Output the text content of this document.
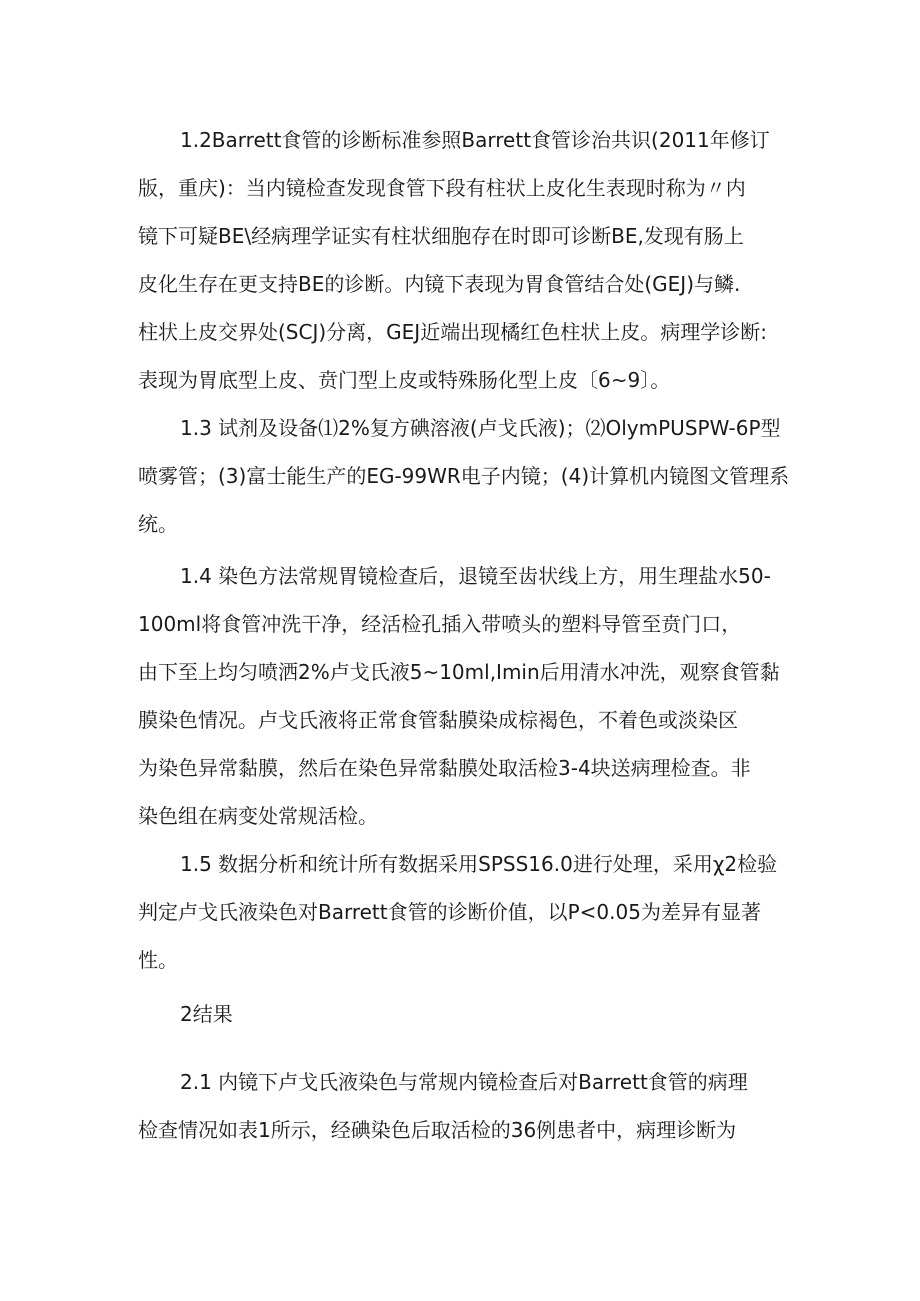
1.2Barrett食管的诊断标准参照Barrett食管诊治共识(2011年修订
版，重庆)：当内镜检查发现食管下段有柱状上皮化生表现时称为〃内
镜下可疑BE\经病理学证实有柱状细胞存在时即可诊断BE,发现有肠上
皮化生存在更支持BE的诊断。内镜下表现为胃食管结合处(GEJ)与鳞.
柱状上皮交界处(SCJ)分离，GEJ近端出现橘红色柱状上皮。病理学诊断:
表现为胃底型上皮、贲门型上皮或特殊肠化型上皮〔6~9〕。
1.3 试剂及设备⑴2%复方碘溶液(卢戈氏液)；⑵OlymPUSPW-6P型
喷雾管；(3)富士能生产的EG-99WR电子内镜；(4)计算机内镜图文管理系
统。
1.4 染色方法常规胃镜检查后，退镜至齿状线上方，用生理盐水50-
100ml将食管冲洗干净，经活检孔插入带喷头的塑料导管至贲门口，
由下至上均匀喷洒2%卢戈氏液5~10ml,Imin后用清水冲洗，观察食管黏
膜染色情况。卢戈氏液将正常食管黏膜染成棕褐色，不着色或淡染区
为染色异常黏膜，然后在染色异常黏膜处取活检3-4块送病理检查。非
染色组在病变处常规活检。
1.5 数据分析和统计所有数据采用SPSS16.0进行处理，采用χ2检验
判定卢戈氏液染色对Barrett食管的诊断价值，以P<0.05为差异有显著
性。
2结果
2.1 内镜下卢戈氏液染色与常规内镜检查后对Barrett食管的病理
检查情况如表1所示，经碘染色后取活检的36例患者中，病理诊断为
